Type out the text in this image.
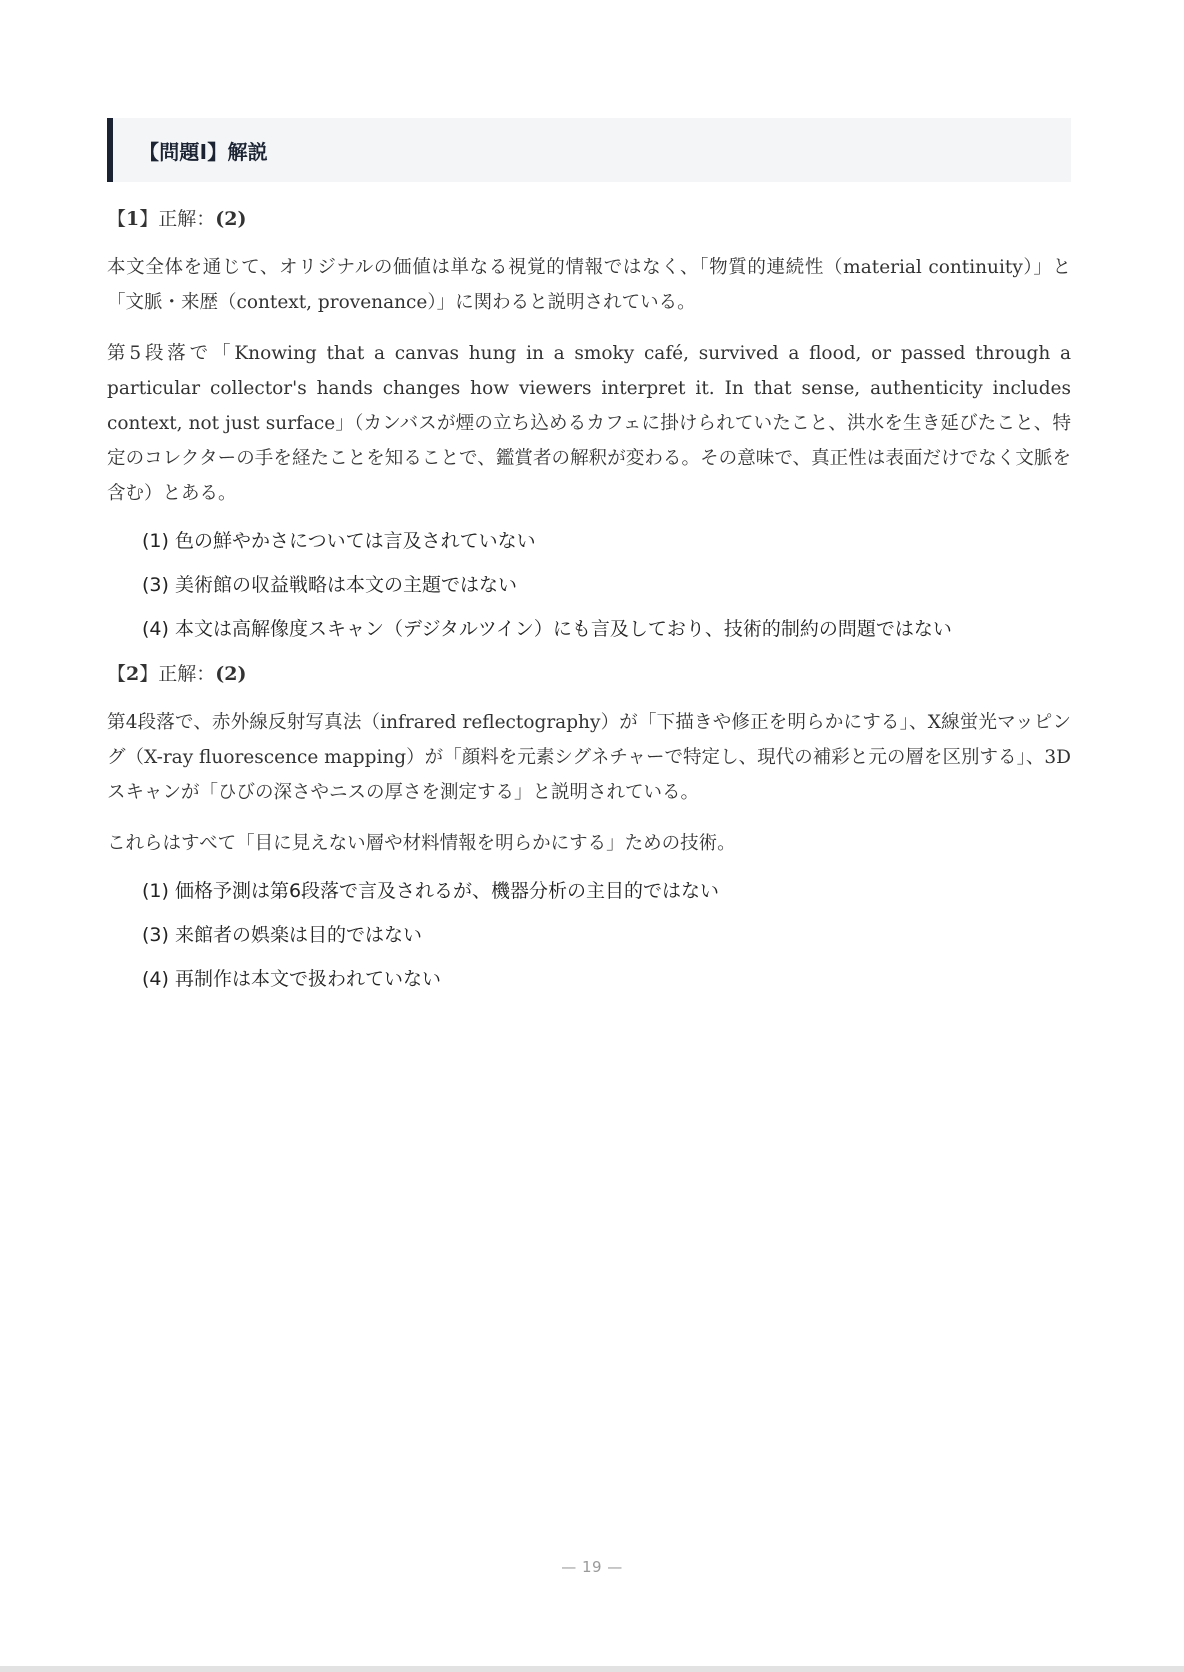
【問題I】解説

【1】正解：(2)

本文全体を通じて、オリジナルの価値は単なる視覚的情報ではなく、「物質的連続性（material continuity）」と「文脈・来歴（context, provenance）」に関わると説明されている。

第5段落で「Knowing that a canvas hung in a smoky café, survived a flood, or passed through a particular collector's hands changes how viewers interpret it. In that sense, authenticity includes context, not just surface」（カンバスが煙の立ち込めるカフェに掛けられていたこと、洪水を生き延びたこと、特定のコレクターの手を経たことを知ることで、鑑賞者の解釈が変わる。その意味で、真正性は表面だけでなく文脈を含む）とある。

(1) 色の鮮やかさについては言及されていない
(3) 美術館の収益戦略は本文の主題ではない
(4) 本文は高解像度スキャン（デジタルツイン）にも言及しており、技術的制約の問題ではない

【2】正解：(2)

第4段落で、赤外線反射写真法（infrared reflectography）が「下描きや修正を明らかにする」、X線蛍光マッピング（X-ray fluorescence mapping）が「顔料を元素シグネチャーで特定し、現代の補彩と元の層を区別する」、3Dスキャンが「ひびの深さやニスの厚さを測定する」と説明されている。

これらはすべて「目に見えない層や材料情報を明らかにする」ための技術。

(1) 価格予測は第6段落で言及されるが、機器分析の主目的ではない
(3) 来館者の娯楽は目的ではない
(4) 再制作は本文で扱われていない
— 19 —
